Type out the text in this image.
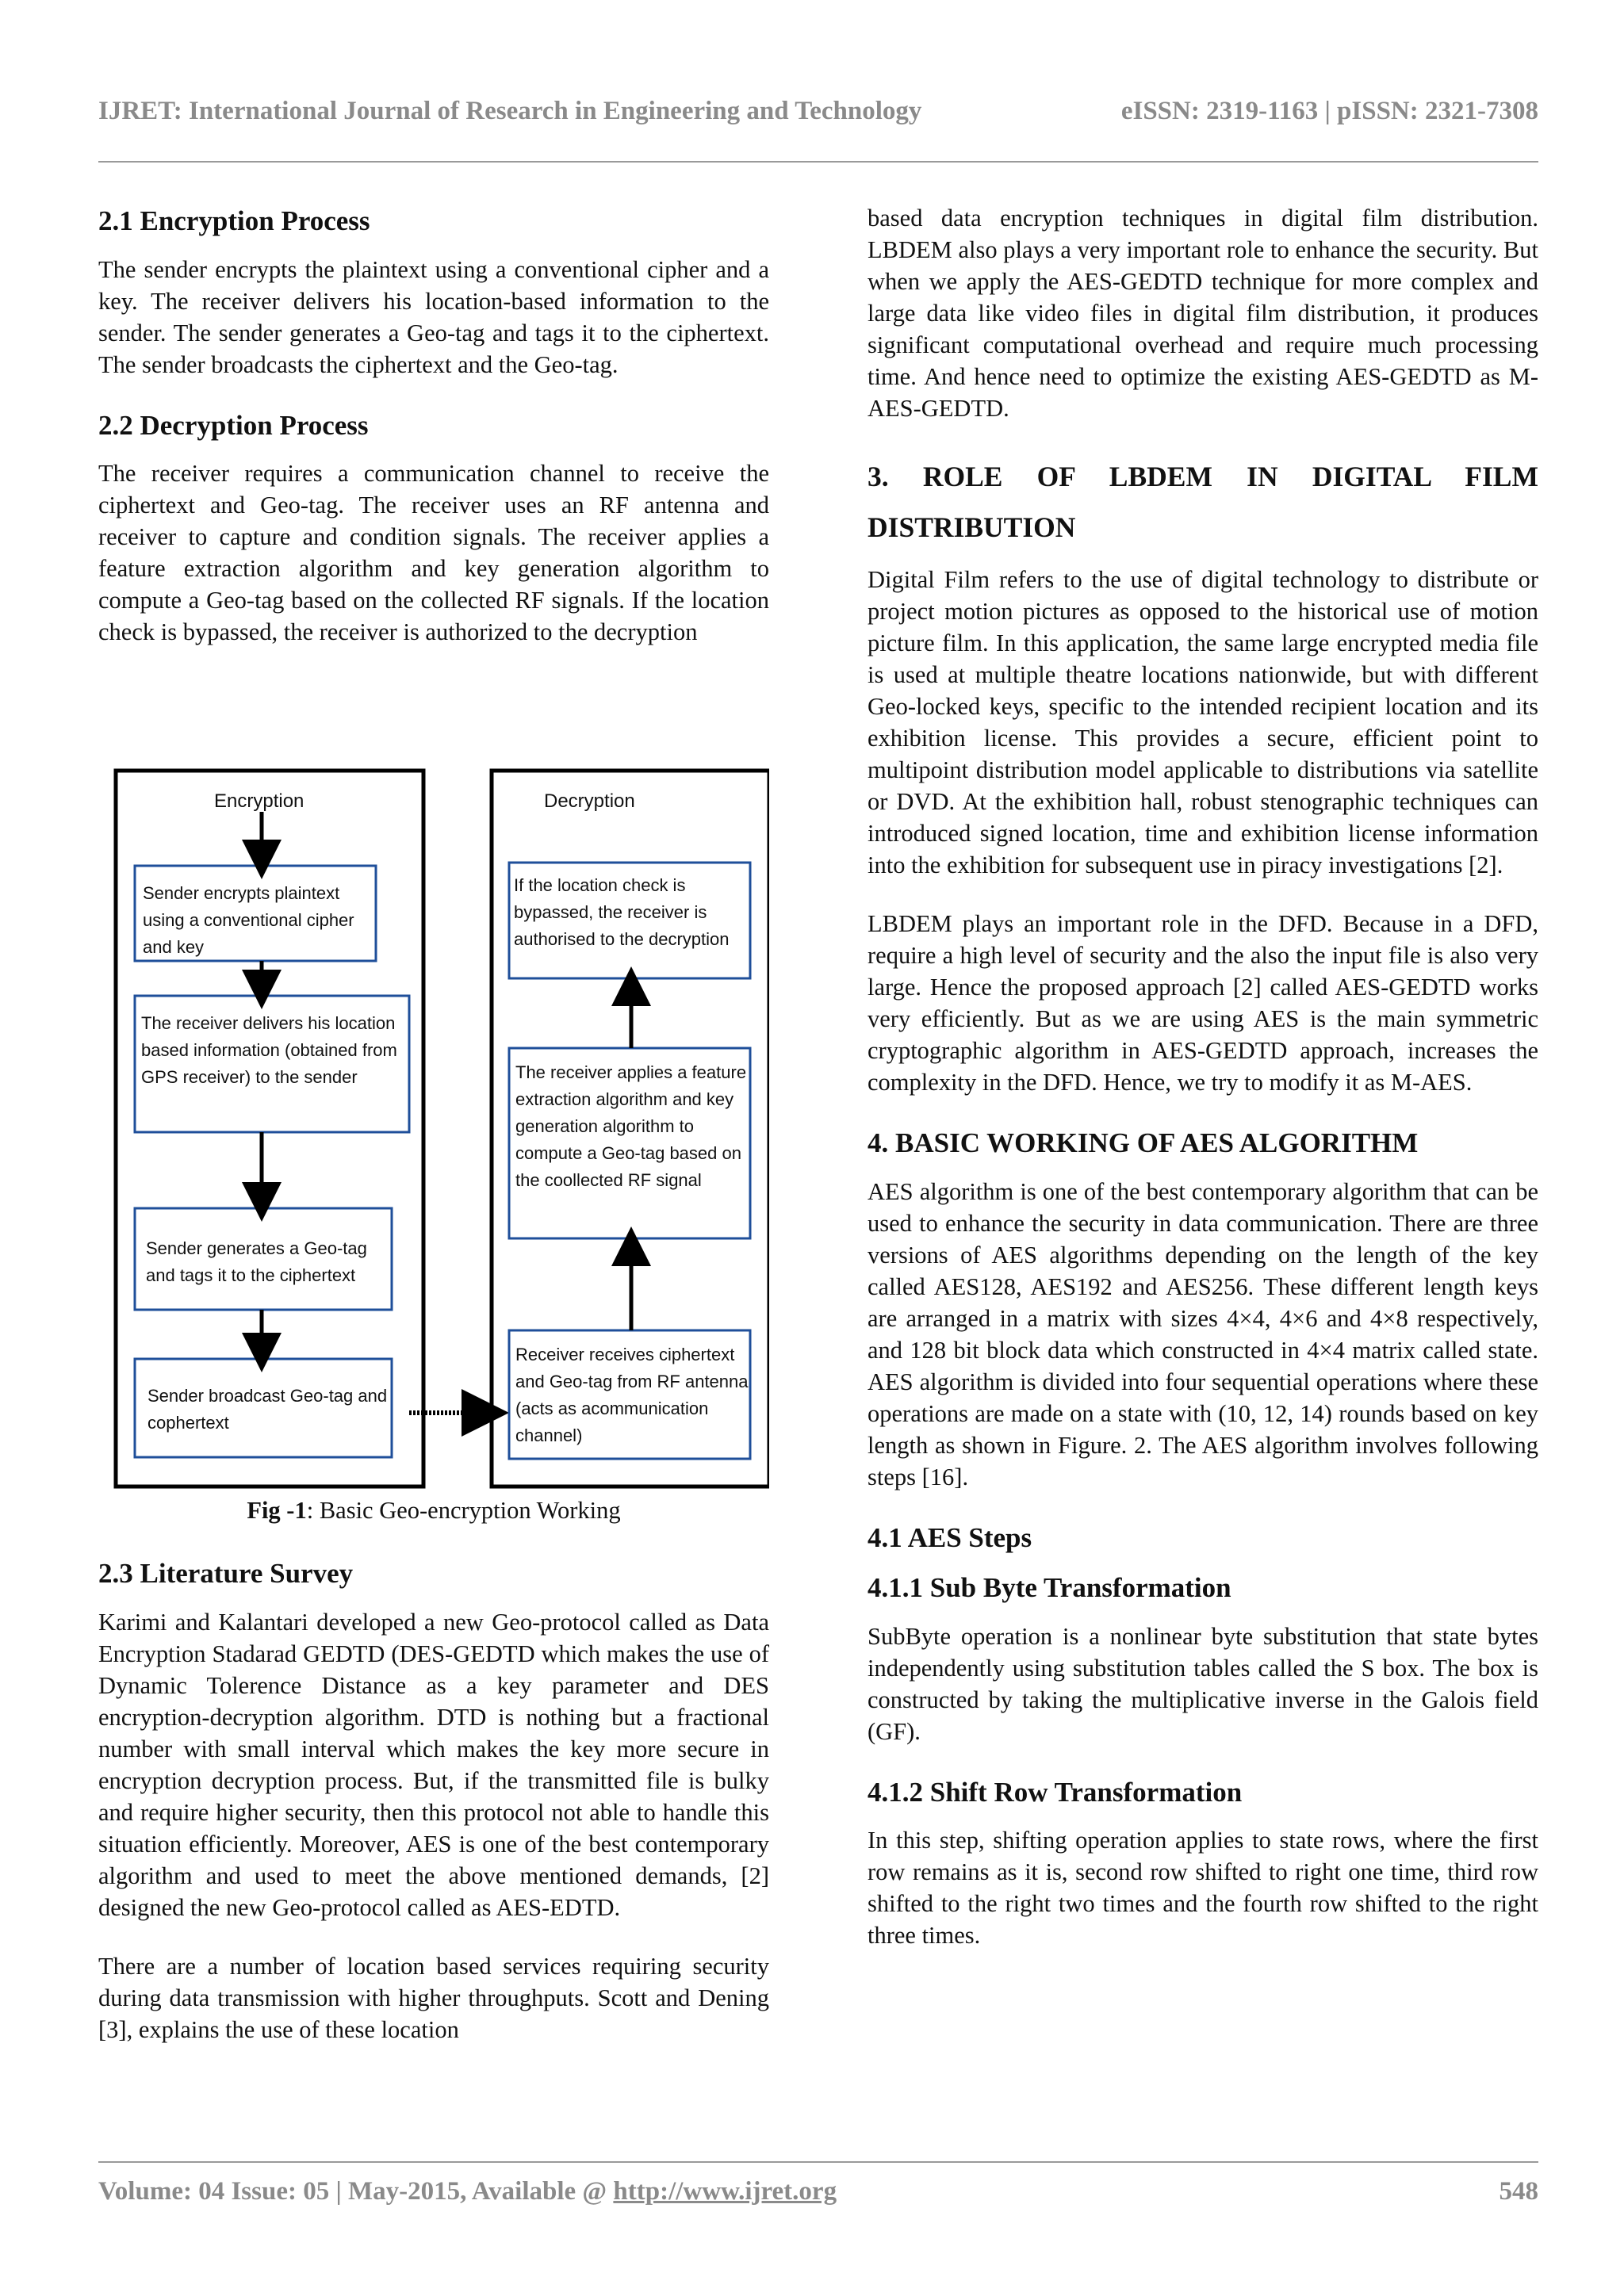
IJRET: International Journal of Research in Engineering and Technology	eISSN: 2319-1163 | pISSN: 2321-7308
2.1 Encryption Process

The sender encrypts the plaintext using a conventional cipher and a key. The receiver delivers his location-based information to the sender. The sender generates a Geo-tag and tags it to the ciphertext. The sender broadcasts the ciphertext and the Geo-tag.

2.2 Decryption Process

The receiver requires a communication channel to receive the ciphertext and Geo-tag. The receiver uses an RF antenna and receiver to capture and condition signals. The receiver applies a feature extraction algorithm and key generation algorithm to compute a Geo-tag based on the collected RF signals. If the location check is bypassed, the receiver is authorized to the decryption

Encryption	Decryption
Sender encrypts plaintext using a conventional cipher and key
The receiver delivers his location based information (obtained from GPS receiver) to the sender
Sender generates a Geo-tag and tags it to the ciphertext
Sender broadcast Geo-tag and cophertext
If the location check is bypassed, the receiver is authorised to the decryption
The receiver applies a feature extraction algorithm and key generation algorithm to compute a Geo-tag based on the coollected RF signal
Receiver receives ciphertext and Geo-tag from RF antenna (acts as acommunication channel)
Fig -1: Basic Geo-encryption Working
2.3 Literature Survey

Karimi and Kalantari developed a new Geo-protocol called as Data Encryption Stadarad GEDTD (DES-GEDTD which makes the use of Dynamic Tolerence Distance as a key parameter and DES encryption-decryption algorithm. DTD is nothing but a fractional number with small interval which makes the key more secure in encryption decryption process. But, if the transmitted file is bulky and require higher security, then this protocol not able to handle this situation efficiently. Moreover, AES is one of the best contemporary algorithm and used to meet the above mentioned demands, [2] designed the new Geo-protocol called as AES-EDTD.

There are a number of location based services requiring security during data transmission with higher throughputs. Scott and Dening [3], explains the use of these location

based data encryption techniques in digital film distribution. LBDEM also plays a very important role to enhance the security. But when we apply the AES-GEDTD technique for more complex and large data like video files in digital film distribution, it produces significant computational overhead and require much processing time. And hence need to optimize the existing AES-GEDTD as M-AES-GEDTD.

3. ROLE OF LBDEM IN DIGITAL FILM
DISTRIBUTION

Digital Film refers to the use of digital technology to distribute or project motion pictures as opposed to the historical use of motion picture film. In this application, the same large encrypted media file is used at multiple theatre locations nationwide, but with different Geo-locked keys, specific to the intended recipient location and its exhibition license. This provides a secure, efficient point to multipoint distribution model applicable to distributions via satellite or DVD. At the exhibition hall, robust stenographic techniques can introduced signed location, time and exhibition license information into the exhibition for subsequent use in piracy investigations [2].

LBDEM plays an important role in the DFD. Because in a DFD, require a high level of security and the also the input file is also very large. Hence the proposed approach [2] called AES-GEDTD works very efficiently. But as we are using AES is the main symmetric cryptographic algorithm in AES-GEDTD approach, increases the complexity in the DFD. Hence, we try to modify it as M-AES.

4. BASIC WORKING OF AES ALGORITHM

AES algorithm is one of the best contemporary algorithm that can be used to enhance the security in data communication. There are three versions of AES algorithms depending on the length of the key called AES128, AES192 and AES256. These different length keys are arranged in a matrix with sizes 4×4, 4×6 and 4×8 respectively, and 128 bit block data which constructed in 4×4 matrix called state. AES algorithm is divided into four sequential operations where these operations are made on a state with (10, 12, 14) rounds based on key length as shown in Figure. 2. The AES algorithm involves following steps [16].

4.1 AES Steps
4.1.1 Sub Byte Transformation

SubByte operation is a nonlinear byte substitution that state bytes independently using substitution tables called the S box. The box is constructed by taking the multiplicative inverse in the Galois field (GF).

4.1.2 Shift Row Transformation

In this step, shifting operation applies to state rows, where the first row remains as it is, second row shifted to right one time, third row shifted to the right two times and the fourth row shifted to the right three times.

Volume: 04 Issue: 05 | May-2015, Available @ http://www.ijret.org	548
